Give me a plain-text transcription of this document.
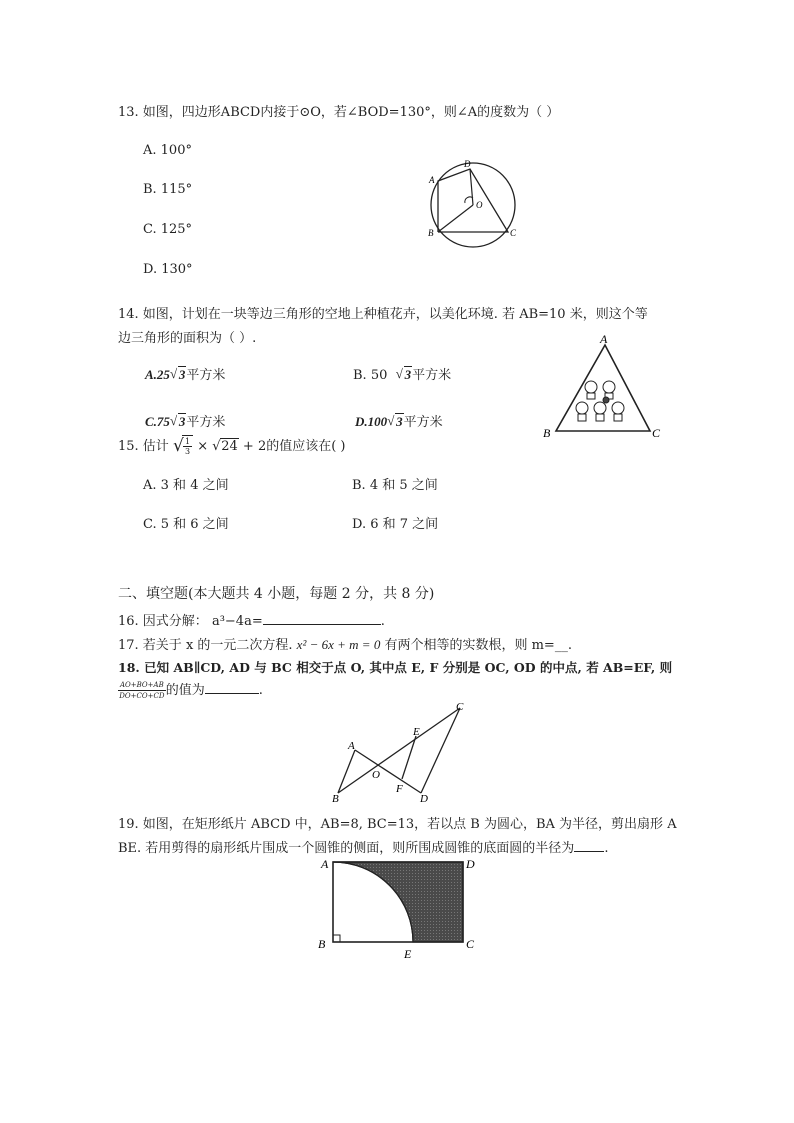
13. 如图，四边形ABCD内接于⊙O，若∠BOD=130°，则∠A的度数为（ ）
A. 100°
B. 115°
C. 125°
D. 130°
D
A
O
B	C
14. 如图，计划在一块等边三角形的空地上种植花卉，以美化环境. 若 AB=10 米，则这个等
边三角形的面积为（ ）.
A.25 √ 3平方米	B. 50 √ 3平方米
C.75 √ 3平方米	D.100 √ 3平方米
A
B	C
15. 估计 √ $\frac{1}{3}$ × √ 24 + 2的值应该在( )
A. 3 和 4 之间	B. 4 和 5 之间
C. 5 和 6 之间	D. 6 和 7 之间
二、填空题(本大题共 4 小题，每题 2 分，共 8 分)
16. 因式分解： a³−4a=	.
17. 若关于 x 的一元二次方程. x² − 6x + m = 0 有两个相等的实数根，则 m=__.
18. 已知 AB∥CD, AD 与 BC 相交于点 O, 其中点 E, F 分别是 OC, OD 的中点, 若 AB=EF, 则
$\frac{AO+BO+AB}{DO+CO+CD}$的值为	.
A
B
C
D
E
F
O
19. 如图，在矩形纸片 ABCD 中，AB=8, BC=13，若以点 B 为圆心，BA 为半径，剪出扇形 A
BE. 若用剪得的扇形纸片围成一个圆锥的侧面，则所围成圆锥的底面圆的半径为 .
A	D
B	C
E
